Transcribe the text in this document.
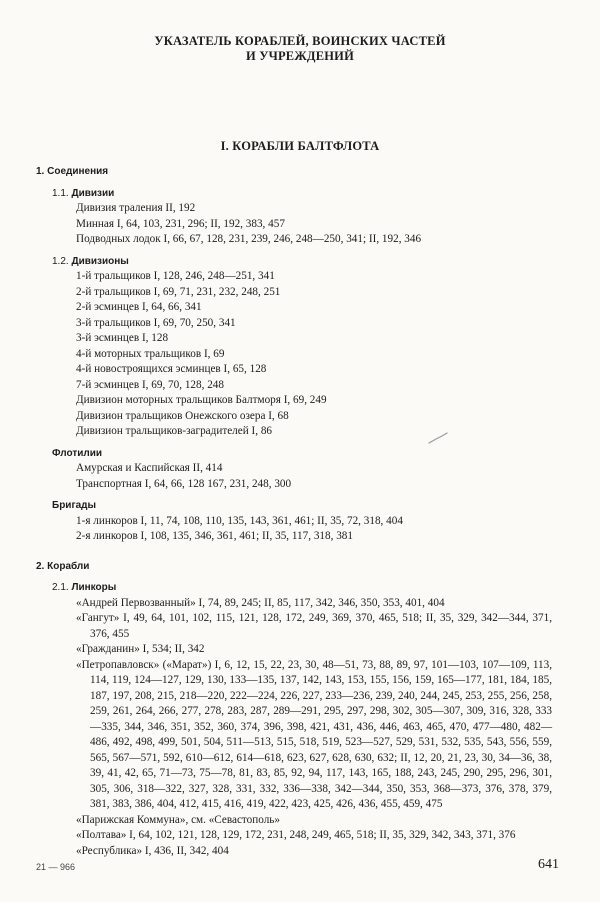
УКАЗАТЕЛЬ КОРАБЛЕЙ, ВОИНСКИХ ЧАСТЕЙ
И УЧРЕЖДЕНИЙ
I. КОРАБЛИ БАЛТФЛОТА
1. Соединения
1.1. Дивизии
Дивизия траления II, 192
Минная I, 64, 103, 231, 296; II, 192, 383, 457
Подводных лодок I, 66, 67, 128, 231, 239, 246, 248—250, 341; II, 192, 346
1.2. Дивизионы
1-й тральщиков I, 128, 246, 248—251, 341
2-й тральщиков I, 69, 71, 231, 232, 248, 251
2-й эсминцев I, 64, 66, 341
3-й тральщиков I, 69, 70, 250, 341
3-й эсминцев I, 128
4-й моторных тральщиков I, 69
4-й новостроящихся эсминцев I, 65, 128
7-й эсминцев I, 69, 70, 128, 248
Дивизион моторных тральщиков Балтморя I, 69, 249
Дивизион тральщиков Онежского озера I, 68
Дивизион тральщиков-заградителей I, 86
Флотилии
Амурская и Каспийская II, 414
Транспортная I, 64, 66, 128 167, 231, 248, 300
Бригады
1-я линкоров I, 11, 74, 108, 110, 135, 143, 361, 461; II, 35, 72, 318, 404
2-я линкоров I, 108, 135, 346, 361, 461; II, 35, 117, 318, 381
2. Корабли
2.1. Линкоры
«Андрей Первозванный» I, 74, 89, 245; II, 85, 117, 342, 346, 350, 353, 401, 404
«Гангут» I, 49, 64, 101, 102, 115, 121, 128, 172, 249, 369, 370, 465, 518; II, 35, 329, 342—344, 371, 376, 455
«Гражданин» I, 534; II, 342
«Петропавловск» («Марат») I, 6, 12, 15, 22, 23, 30, 48—51, 73, 88, 89, 97, 101—103, 107—109, 113, 114, 119, 124—127, 129, 130, 133—135, 137, 142, 143, 153, 155, 156, 159, 165—177, 181, 184, 185, 187, 197, 208, 215, 218—220, 222—224, 226, 227, 233—236, 239, 240, 244, 245, 253, 255, 256, 258, 259, 261, 264, 266, 277, 278, 283, 287, 289—291, 295, 297, 298, 302, 305—307, 309, 316, 328, 333—335, 344, 346, 351, 352, 360, 374, 396, 398, 421, 431, 436, 446, 463, 465, 470, 477—480, 482—486, 492, 498, 499, 501, 504, 511—513, 515, 518, 519, 523—527, 529, 531, 532, 535, 543, 556, 559, 565, 567—571, 592, 610—612, 614—618, 623, 627, 628, 630, 632; II, 12, 20, 21, 23, 30, 34—36, 38, 39, 41, 42, 65, 71—73, 75—78, 81, 83, 85, 92, 94, 117, 143, 165, 188, 243, 245, 290, 295, 296, 301, 305, 306, 318—322, 327, 328, 331, 332, 336—338, 342—344, 350, 353, 368—373, 376, 378, 379, 381, 383, 386, 404, 412, 415, 416, 419, 422, 423, 425, 426, 436, 455, 459, 475
«Парижская Коммуна», см. «Севастополь»
«Полтава» I, 64, 102, 121, 128, 129, 172, 231, 248, 249, 465, 518; II, 35, 329, 342, 343, 371, 376
«Республика» I, 436, II, 342, 404
21 — 966	641
